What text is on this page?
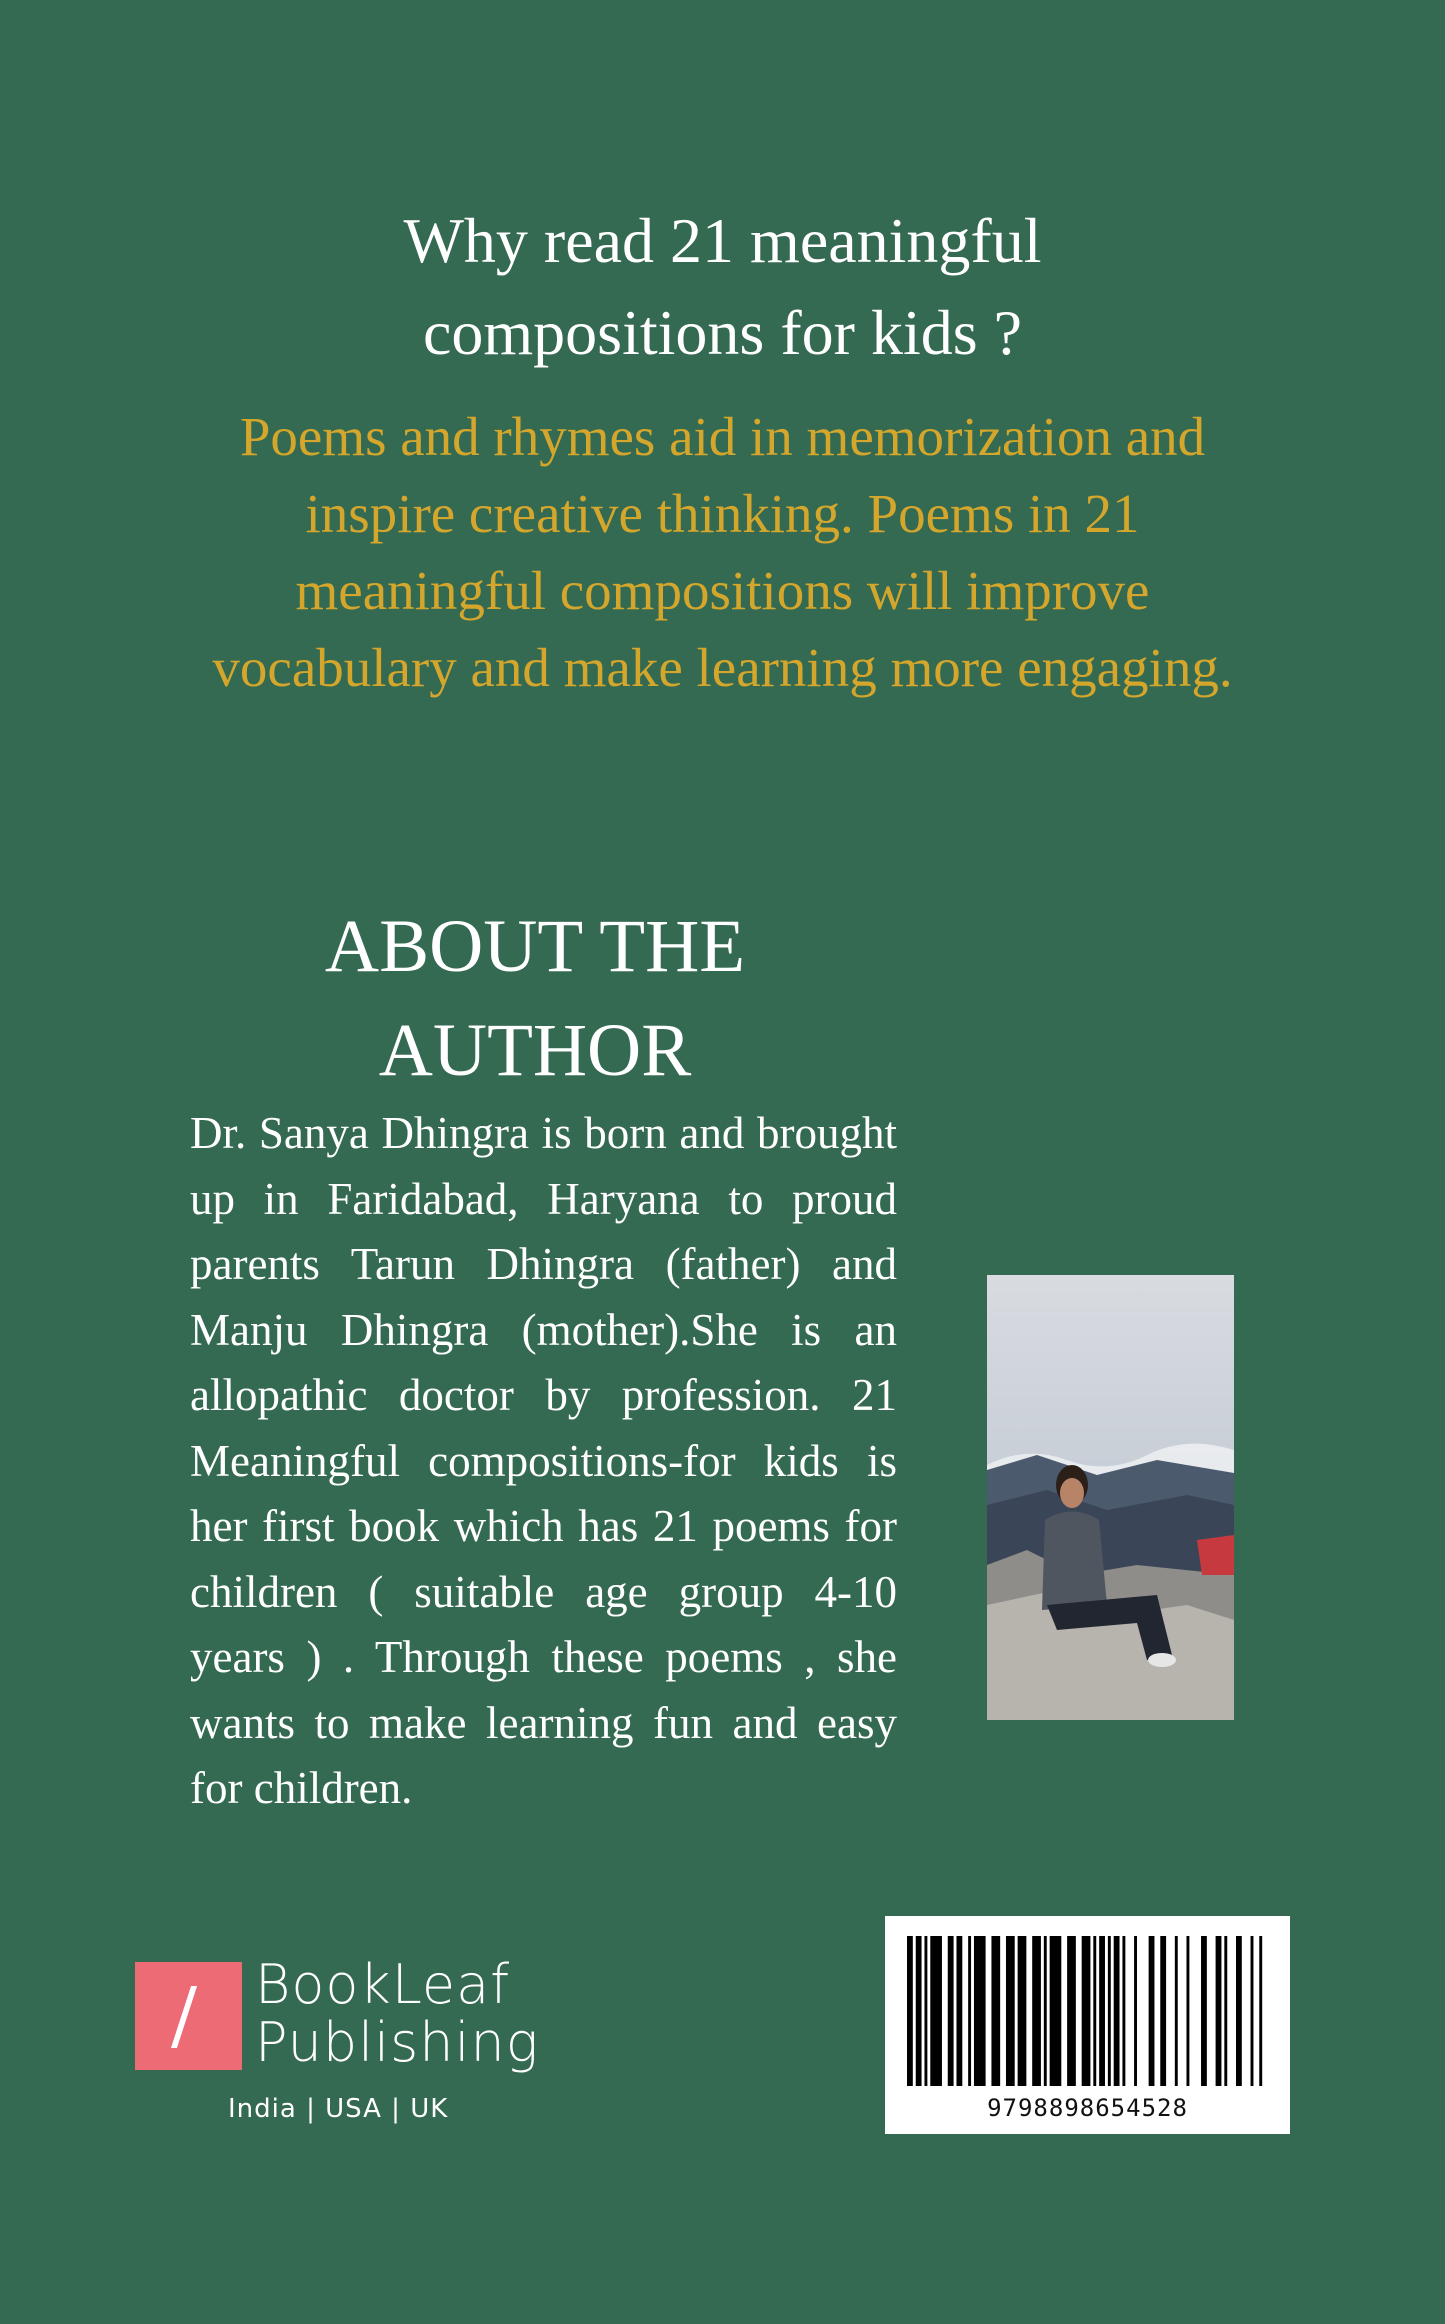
Why read 21 meaningful
compositions for kids ?

Poems and rhymes aid in memorization and inspire creative thinking. Poems in 21 meaningful compositions will improve vocabulary and make learning more engaging.

ABOUT THE AUTHOR

Dr. Sanya Dhingra is born and brought up in Faridabad, Haryana to proud parents Tarun Dhingra (father) and Manju Dhingra (mother).She is an allopathic doctor by profession. 21 Meaningful compositions-for kids is her first book which has 21 poems for children ( suitable age group 4-10 years ) . Through these poems , she wants to make learning fun and easy for children.

BookLeaf
Publishing
India | USA | UK	9798898654528
